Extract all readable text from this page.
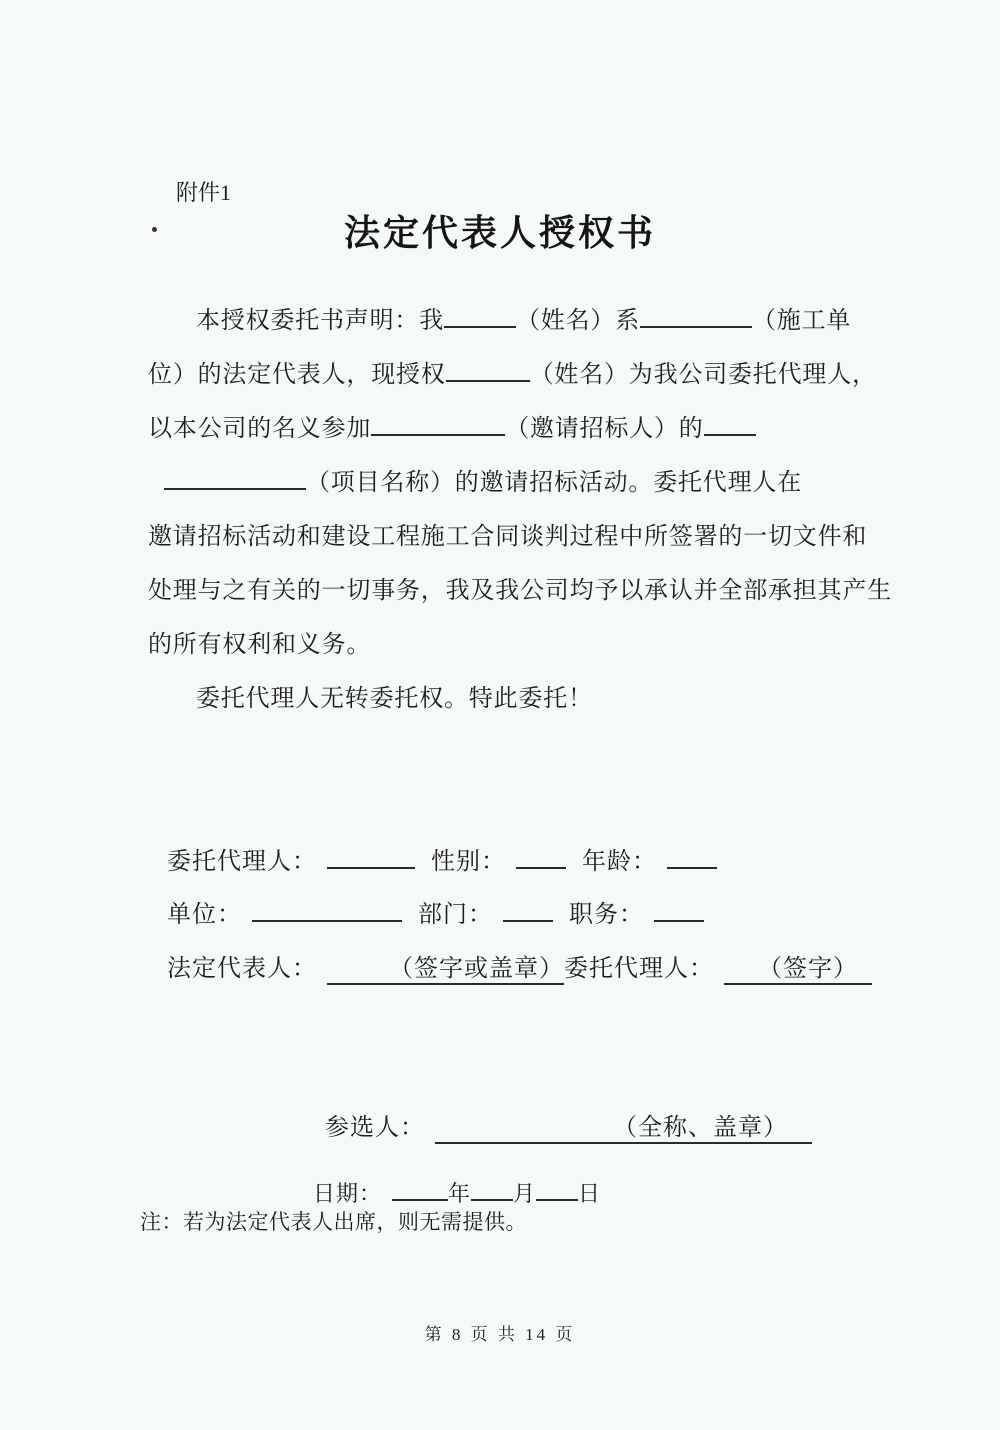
附件1
法定代表人授权书
本授权委托书声明：我	（姓名）系	（施工单
位）的法定代表人，现授权	（姓名）为我公司委托代理人，
以本公司的名义参加	（邀请招标人）的
（项目名称）的邀请招标活动。委托代理人在
邀请招标活动和建设工程施工合同谈判过程中所签署的一切文件和
处理与之有关的一切事务，我及我公司均予以承认并全部承担其产生
的所有权利和义务。
委托代理人无转委托权。特此委托！
委托代理人：	性别：	年龄：
单位：	部门：	职务：
法定代表人：	（签字或盖章）委托代理人： （签字）
参选人：	（全称、盖章）
日期：	年 月 日
注：若为法定代表人出席，则无需提供。
第 8 页 共 14 页
